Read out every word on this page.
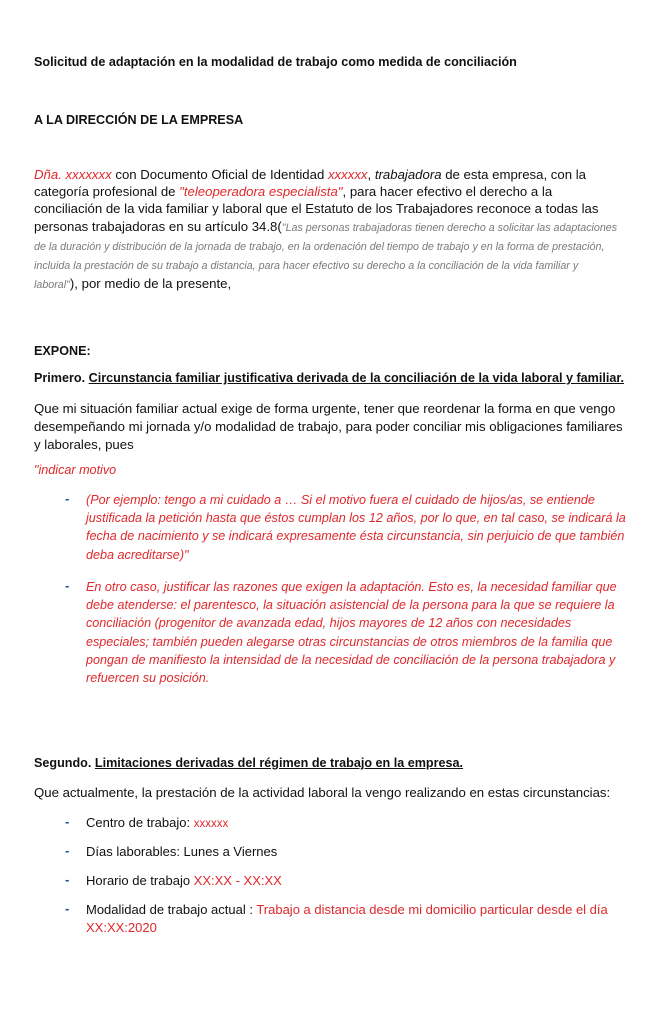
Solicitud de adaptación en la modalidad de trabajo como medida de conciliación
A LA DIRECCIÓN DE LA EMPRESA
Dña. xxxxxxx con Documento Oficial de Identidad xxxxxx, trabajadora de esta empresa, con la categoría profesional de "teleoperadora especialista", para hacer efectivo el derecho a la conciliación de la vida familiar y laboral que el Estatuto de los Trabajadores reconoce a todas las personas trabajadoras en su artículo 34.8("Las personas trabajadoras tienen derecho a solicitar las adaptaciones de la duración y distribución de la jornada de trabajo, en la ordenación del tiempo de trabajo y en la forma de prestación, incluida la prestación de su trabajo a distancia, para hacer efectivo su derecho a la conciliación de la vida familiar y laboral"), por medio de la presente,
EXPONE:
Primero. Circunstancia familiar justificativa derivada de la conciliación de la vida laboral y familiar.
Que mi situación familiar actual exige de forma urgente, tener que reordenar la forma en que vengo desempeñando mi jornada y/o modalidad de trabajo, para poder conciliar mis obligaciones familiares y laborales, pues
"indicar motivo
- (Por ejemplo: tengo a mi cuidado a … Si el motivo fuera el cuidado de hijos/as, se entiende justificada la petición hasta que éstos cumplan los 12 años, por lo que, en tal caso, se indicará la fecha de nacimiento y se indicará expresamente ésta circunstancia, sin perjuicio de que también deba acreditarse)"
- En otro caso, justificar las razones que exigen la adaptación. Esto es, la necesidad familiar que debe atenderse: el parentesco, la situación asistencial de la persona para la que se requiere la conciliación (progenitor de avanzada edad, hijos mayores de 12 años con necesidades especiales; también pueden alegarse otras circunstancias de otros miembros de la familia que pongan de manifiesto la intensidad de la necesidad de conciliación de la persona trabajadora y refuercen su posición.
Segundo. Limitaciones derivadas del régimen de trabajo en la empresa.
Que actualmente, la prestación de la actividad laboral la vengo realizando en estas circunstancias:
- Centro de trabajo: xxxxxx
- Días laborables: Lunes a Viernes
- Horario de trabajo XX:XX - XX:XX
- Modalidad de trabajo actual : Trabajo a distancia desde mi domicilio particular desde el día XX:XX:2020
